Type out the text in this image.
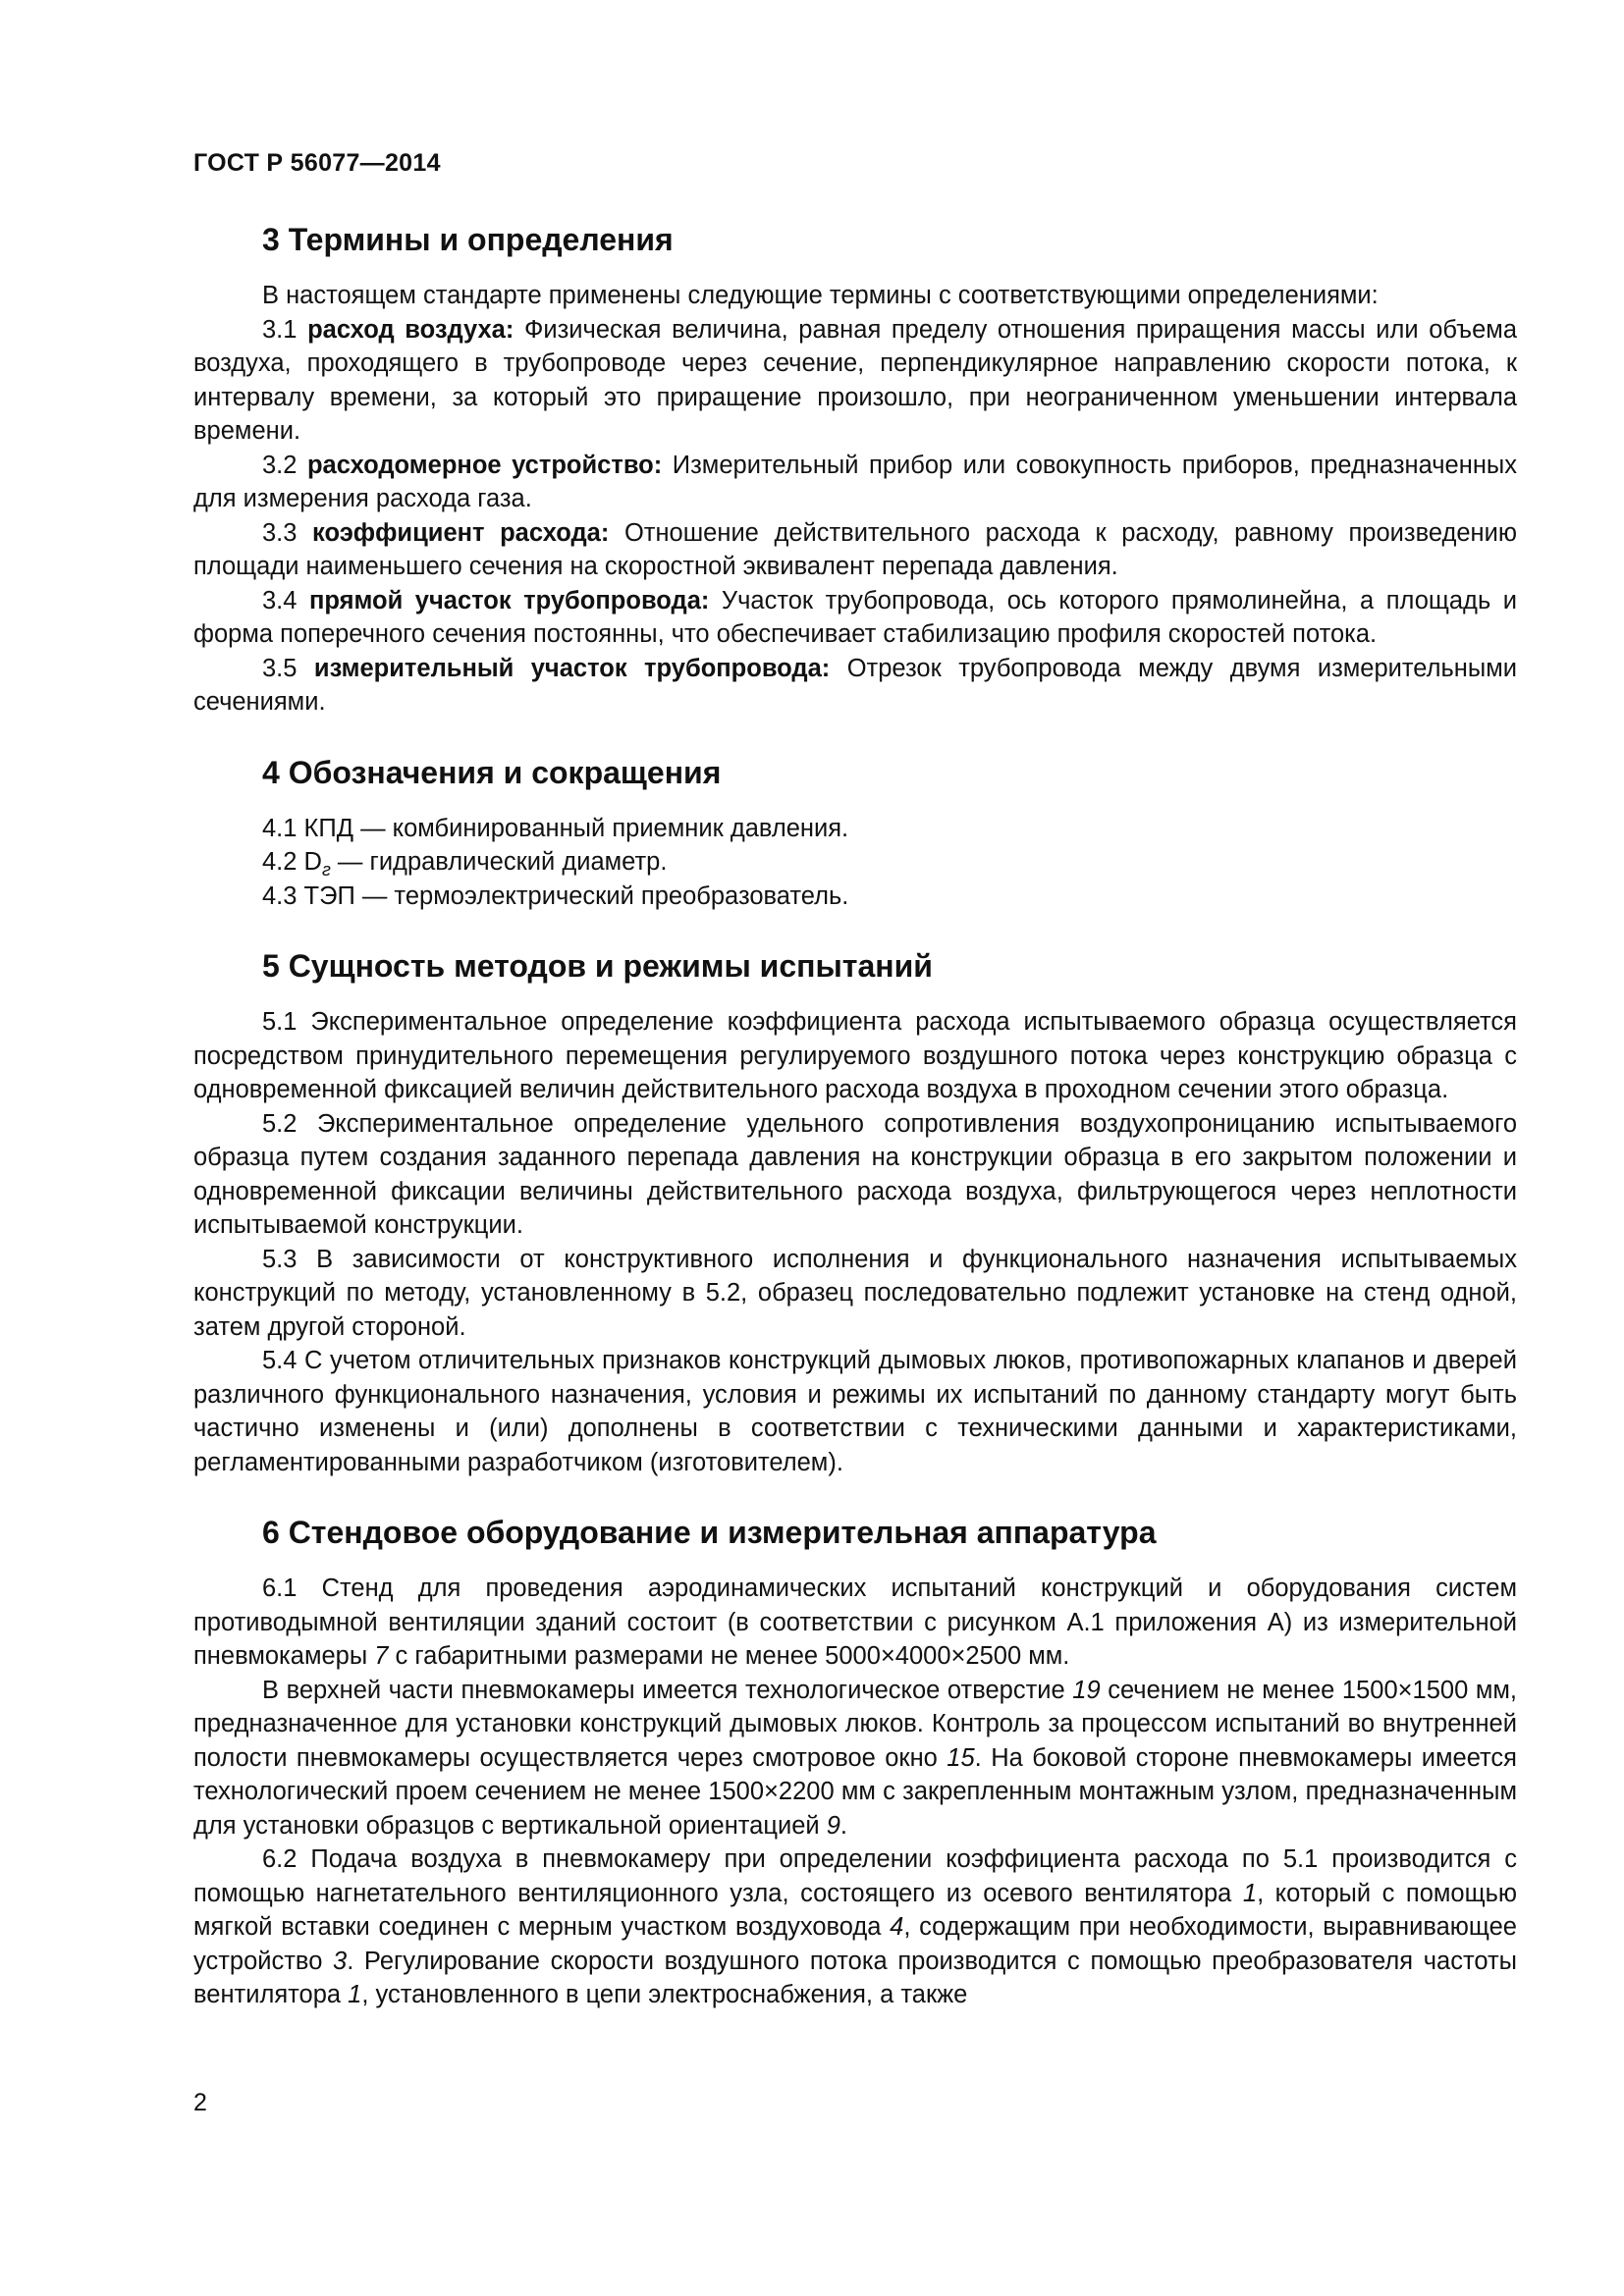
ГОСТ Р 56077—2014
3 Термины и определения

В настоящем стандарте применены следующие термины с соответствующими определениями:

3.1 расход воздуха: Физическая величина, равная пределу отношения приращения массы или объема воздуха, проходящего в трубопроводе через сечение, перпендикулярное направлению скорости потока, к интервалу времени, за который это приращение произошло, при неограниченном уменьшении интервала времени.

3.2 расходомерное устройство: Измерительный прибор или совокупность приборов, предназначенных для измерения расхода газа.

3.3 коэффициент расхода: Отношение действительного расхода к расходу, равному произведению площади наименьшего сечения на скоростной эквивалент перепада давления.

3.4 прямой участок трубопровода: Участок трубопровода, ось которого прямолинейна, а площадь и форма поперечного сечения постоянны, что обеспечивает стабилизацию профиля скоростей потока.

3.5 измерительный участок трубопровода: Отрезок трубопровода между двумя измерительными сечениями.

4 Обозначения и сокращения

4.1 КПД — комбинированный приемник давления.

4.2 $D_г$ — гидравлический диаметр.

4.3 ТЭП — термоэлектрический преобразователь.

5 Сущность методов и режимы испытаний

5.1 Экспериментальное определение коэффициента расхода испытываемого образца осуществляется посредством принудительного перемещения регулируемого воздушного потока через конструкцию образца с одновременной фиксацией величин действительного расхода воздуха в проходном сечении этого образца.

5.2 Экспериментальное определение удельного сопротивления воздухопроницанию испытываемого образца путем создания заданного перепада давления на конструкции образца в его закрытом положении и одновременной фиксации величины действительного расхода воздуха, фильтрующегося через неплотности испытываемой конструкции.

5.3 В зависимости от конструктивного исполнения и функционального назначения испытываемых конструкций по методу, установленному в 5.2, образец последовательно подлежит установке на стенд одной, затем другой стороной.

5.4 С учетом отличительных признаков конструкций дымовых люков, противопожарных клапанов и дверей различного функционального назначения, условия и режимы их испытаний по данному стандарту могут быть частично изменены и (или) дополнены в соответствии с техническими данными и характеристиками, регламентированными разработчиком (изготовителем).

6 Стендовое оборудование и измерительная аппаратура

6.1 Стенд для проведения аэродинамических испытаний конструкций и оборудования систем противодымной вентиляции зданий состоит (в соответствии с рисунком А.1 приложения А) из измерительной пневмокамеры 7 с габаритными размерами не менее 5000×4000×2500 мм.

В верхней части пневмокамеры имеется технологическое отверстие 19 сечением не менее 1500×1500 мм, предназначенное для установки конструкций дымовых люков. Контроль за процессом испытаний во внутренней полости пневмокамеры осуществляется через смотровое окно 15. На боковой стороне пневмокамеры имеется технологический проем сечением не менее 1500×2200 мм с закрепленным монтажным узлом, предназначенным для установки образцов с вертикальной ориентацией 9.

6.2 Подача воздуха в пневмокамеру при определении коэффициента расхода по 5.1 производится с помощью нагнетательного вентиляционного узла, состоящего из осевого вентилятора 1, который с помощью мягкой вставки соединен с мерным участком воздуховода 4, содержащим при необходимости, выравнивающее устройство 3. Регулирование скорости воздушного потока производится с помощью преобразователя частоты вентилятора 1, установленного в цепи электроснабжения, а также

2
